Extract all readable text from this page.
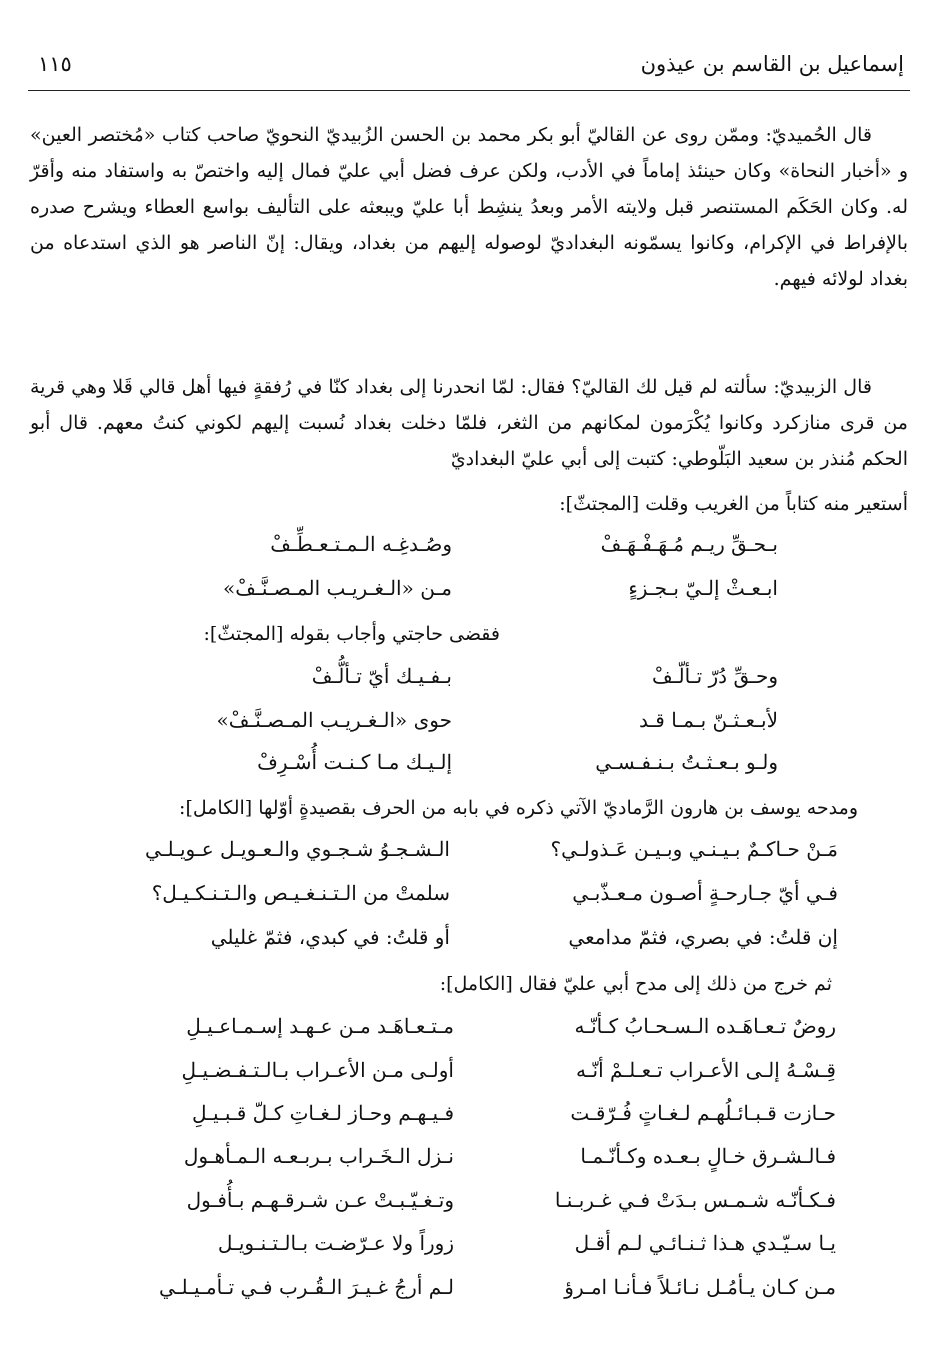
إسماعيل بن القاسم بن عيذون
١١٥
قال الحُميديّ: وممّن روى عن القاليّ أبو بكر محمد بن الحسن الزُبيديّ النحويّ صاحب كتاب «مُختصر العين» و «أخبار النحاة» وكان حينئذ إماماً في الأدب، ولكن عرف فضل أبي عليّ فمال إليه واختصّ به واستفاد منه وأقرّ له. وكان الحَكَم المستنصر قبل ولايته الأمر وبعدُ ينشِط أبا عليّ ويبعثه على التأليف بواسع العطاء ويشرح صدره بالإفراط في الإكرام، وكانوا يسمّونه البغداديّ لوصوله إليهم من بغداد، ويقال: إنّ الناصر هو الذي استدعاه من بغداد لولائه فيهم.
قال الزبيديّ: سألته لم قيل لك القاليّ؟ فقال: لمّا انحدرنا إلى بغداد كنّا في رُفقةٍ فيها أهل قالي قَلا وهي قرية من قرى منازكرد وكانوا يُكْرَمون لمكانهم من الثغر، فلمّا دخلت بغداد نُسبت إليهم لكوني كنتُ معهم. قال أبو الحكم مُنذر بن سعيد البَلّوطي: كتبت إلى أبي عليّ البغداديّ
أستعير منه كتاباً من الغريب وقلت [المجتثّ]:
بـحـقِّ ريـم مُـهَـفْـهَـفْ
وصُـدغِـه الـمـتـعـطِّـفْ
ابـعـثْ إلـيّ بـجـزءٍ
مـن «الـغـريـب المـصـنَّـفْ»
فقضى حاجتي وأجاب بقوله [المجتثّ]:
وحـقِّ دُرّ تـألّـفْ
بـفـيـك أيّ تـألُّـفْ
لأبـعـثـنّ بـمـا قـد
حوى «الـغـريـب المـصـنَّـفْ»
ولـو بـعـثـتُ بـنـفـسـي
إلـيـك مـا كـنـت أُسْـرِفْ
ومدحه يوسف بن هارون الرَّماديّ الآتي ذكره في بابه من الحرف بقصيدةٍ أوّلها [الكامل]:
مَـنْ حـاكـمٌ بـيـنـي وبـيـن عَـذولـي؟
الـشـجـوُ شـجـوي والـعـويـل عـويـلـي
فـي أيّ جـارحـةٍ أصـون مـعـذّبـي
سلمتْ من الـتـنـغـيـص والـتـنـكـيـل؟
إن قلتُ: في بصري، فثمّ مدامعي
أو قلتُ: في كبدي، فثمّ غليلي
ثم خرج من ذلك إلى مدح أبي عليّ فقال [الكامل]:
روضٌ تـعـاهَـده الـسـحـابُ كـأنّـه
مـتـعـاهَـد مـن عـهـد إسـمـاعـيـلِ
قِـسْـهُ إلـى الأعـراب تـعـلـمْ أنّـه
أولـى مـن الأعـراب بـالـتـفـضـيـلِ
حـازت قـبـائـلُهـم لـغـاتٍ فُـرّقـت
فـيـهـم وحـاز لـغـاتِ كـلّ قـبـيـلِ
فـالـشـرق خـالٍ بـعـده وكـأنّـمـا
نـزل الـخَـراب بـربـعـه الـمـأهـول
فـكـأنّـه شـمـس بـدَتْ فـي غـربـنـا
وتـغـيّـبـتْ عـن شـرقـهـم بـأُفـول
يـا سـيّـدي هـذا ثـنـائـي لـم أقـل
زوراً ولا عـرّضـت بـالـتـنـويـل
مـن كـان يـأمُـل نـائـلاً فـأنـا امـرؤ
لـم أرجُ غـيـرَ الـقُـرب فـي تـأمـيـلـي
